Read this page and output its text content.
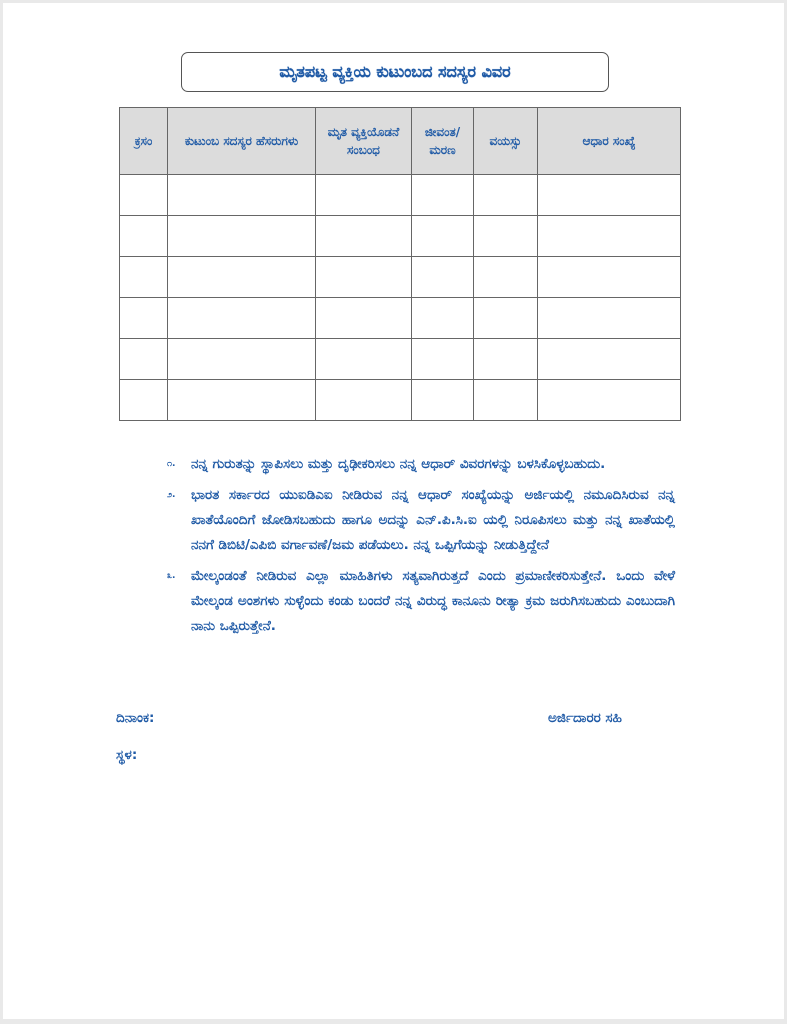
ಮೃತಪಟ್ಟ ವ್ಯಕ್ತಿಯ ಕುಟುಂಬದ ಸದಸ್ಯರ ವಿವರ
ಕ್ರಸಂ	ಕುಟುಂಬ ಸದಸ್ಯರ ಹೆಸರುಗಳು	ಮೃತ ವ್ಯಕ್ತಿಯೊಡನೆ ಸಂಬಂಧ	ಜೀವಂತ/ ಮರಣ	ವಯಸ್ಸು	ಆಧಾರ ಸಂಖ್ಯೆ

೧. ನನ್ನ ಗುರುತನ್ನು ಸ್ಥಾಪಿಸಲು ಮತ್ತು ದೃಢೀಕರಿಸಲು ನನ್ನ ಆಧಾರ್ ವಿವರಗಳನ್ನು ಬಳಸಿಕೊಳ್ಳಬಹುದು.
೨. ಭಾರತ ಸರ್ಕಾರದ ಯುಐಡಿಎಐ ನೀಡಿರುವ ನನ್ನ ಆಧಾರ್ ಸಂಖ್ಯೆಯನ್ನು ಅರ್ಜಿಯಲ್ಲಿ ನಮೂದಿಸಿರುವ ನನ್ನ ಖಾತೆಯೊಂದಿಗೆ ಜೋಡಿಸಬಹುದು ಹಾಗೂ ಅದನ್ನು ಎನ್.ಪಿ.ಸಿ.ಐ ಯಲ್ಲಿ ನಿರೂಪಿಸಲು ಮತ್ತು ನನ್ನ ಖಾತೆಯಲ್ಲಿ ನನಗೆ ಡಿಬಿಟಿ/ಎಪಿಬಿ ವರ್ಗಾವಣೆ/ಜಮ ಪಡೆಯಲು. ನನ್ನ ಒಪ್ಪಿಗೆಯನ್ನು ನೀಡುತ್ತಿದ್ದೇನೆ
೩. ಮೇಲ್ಕಂಡಂತೆ ನೀಡಿರುವ ಎಲ್ಲಾ ಮಾಹಿತಿಗಳು ಸತ್ಯವಾಗಿರುತ್ತದೆ ಎಂದು ಪ್ರಮಾಣೀಕರಿಸುತ್ತೇನೆ. ಒಂದು ವೇಳೆ ಮೇಲ್ಕಂಡ ಅಂಶಗಳು ಸುಳ್ಳೆಂದು ಕಂಡು ಬಂದರೆ ನನ್ನ ವಿರುದ್ಧ ಕಾನೂನು ರೀತ್ಯಾ ಕ್ರಮ ಜರುಗಿಸಬಹುದು ಎಂಬುದಾಗಿ ನಾನು ಒಪ್ಪಿರುತ್ತೇನೆ.
ದಿನಾಂಕ:	ಅರ್ಜಿದಾರರ ಸಹಿ
ಸ್ಥಳ:
